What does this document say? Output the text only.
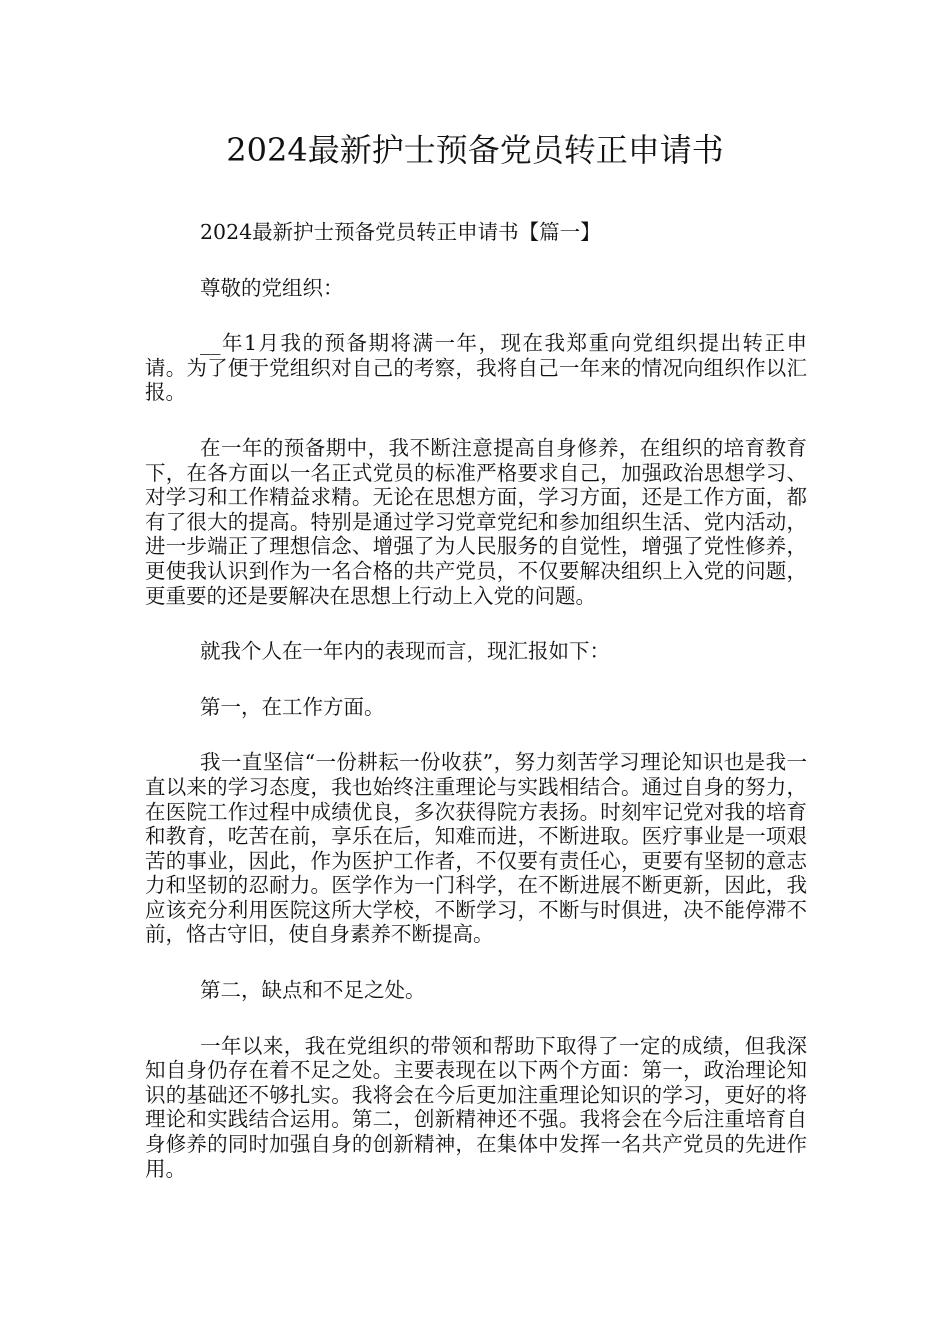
2024最新护士预备党员转正申请书

2024最新护士预备党员转正申请书【篇一】

尊敬的党组织：

__年1月我的预备期将满一年，现在我郑重向党组织提出转正申请。为了便于党组织对自己的考察，我将自己一年来的情况向组织作以汇报。

在一年的预备期中，我不断注意提高自身修养，在组织的培育教育下，在各方面以一名正式党员的标准严格要求自己，加强政治思想学习、对学习和工作精益求精。无论在思想方面，学习方面，还是工作方面，都有了很大的提高。特别是通过学习党章党纪和参加组织生活、党内活动，进一步端正了理想信念、增强了为人民服务的自觉性，增强了党性修养，更使我认识到作为一名合格的共产党员，不仅要解决组织上入党的问题，更重要的还是要解决在思想上行动上入党的问题。

就我个人在一年内的表现而言，现汇报如下：

第一，在工作方面。

我一直坚信“一份耕耘一份收获”，努力刻苦学习理论知识也是我一直以来的学习态度，我也始终注重理论与实践相结合。通过自身的努力，在医院工作过程中成绩优良，多次获得院方表扬。时刻牢记党对我的培育和教育，吃苦在前，享乐在后，知难而进，不断进取。医疗事业是一项艰苦的事业，因此，作为医护工作者，不仅要有责任心，更要有坚韧的意志力和坚韧的忍耐力。医学作为一门科学，在不断进展不断更新，因此，我应该充分利用医院这所大学校，不断学习，不断与时俱进，决不能停滞不前，恪古守旧，使自身素养不断提高。

第二，缺点和不足之处。

一年以来，我在党组织的带领和帮助下取得了一定的成绩，但我深知自身仍存在着不足之处。主要表现在以下两个方面：第一，政治理论知识的基础还不够扎实。我将会在今后更加注重理论知识的学习，更好的将理论和实践结合运用。第二，创新精神还不强。我将会在今后注重培育自身修养的同时加强自身的创新精神，在集体中发挥一名共产党员的先进作用。
